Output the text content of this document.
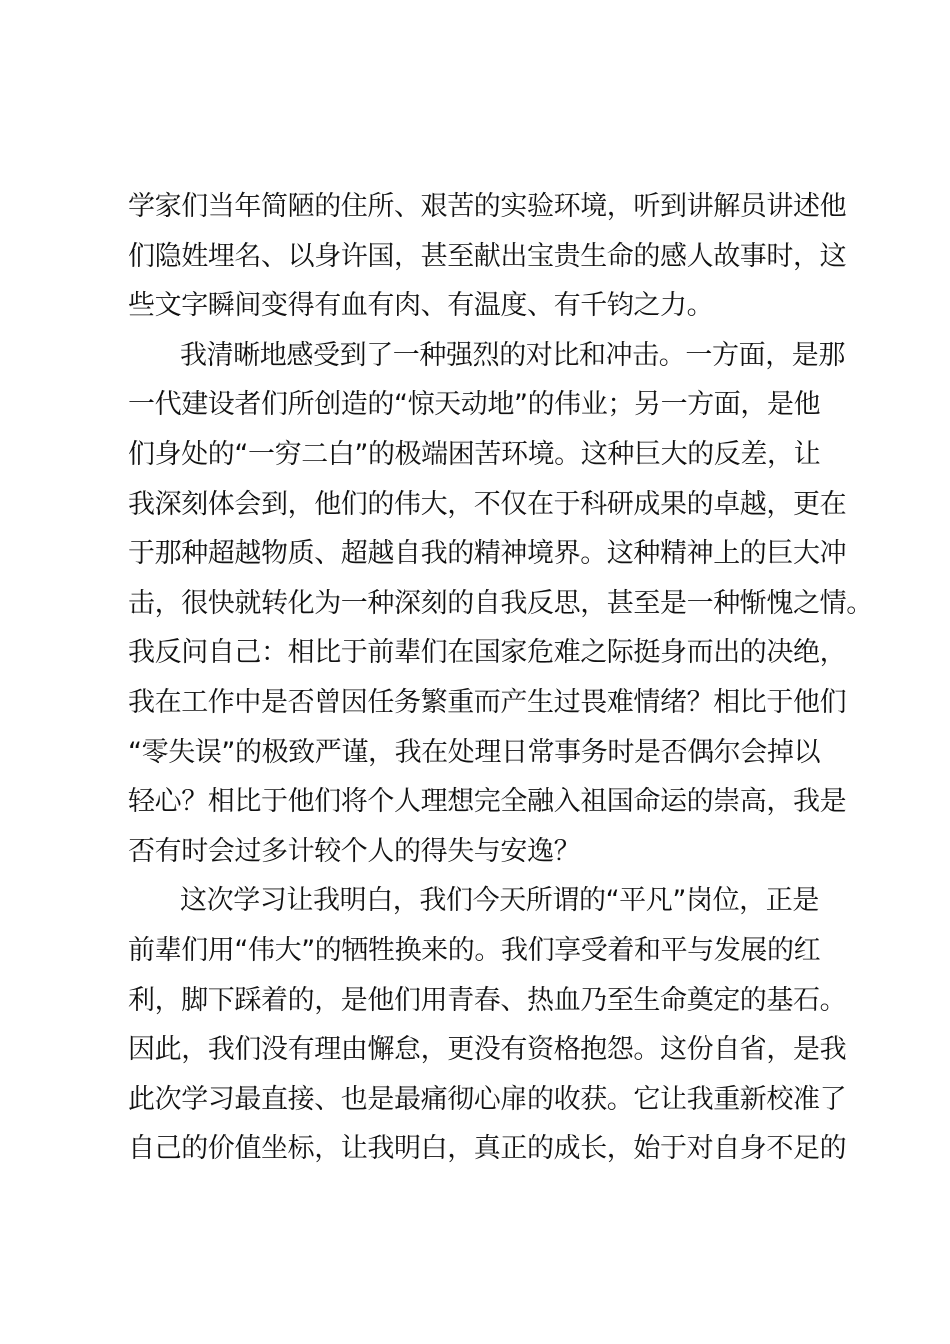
学家们当年简陋的住所、艰苦的实验环境，听到讲解员讲述他
们隐姓埋名、以身许国，甚至献出宝贵生命的感人故事时，这
些文字瞬间变得有血有肉、有温度、有千钧之力。
我清晰地感受到了一种强烈的对比和冲击。一方面，是那
一代建设者们所创造的“惊天动地”的伟业；另一方面，是他
们身处的“一穷二白”的极端困苦环境。这种巨大的反差，让
我深刻体会到，他们的伟大，不仅在于科研成果的卓越，更在
于那种超越物质、超越自我的精神境界。这种精神上的巨大冲
击，很快就转化为一种深刻的自我反思，甚至是一种惭愧之情。
我反问自己：相比于前辈们在国家危难之际挺身而出的决绝，
我在工作中是否曾因任务繁重而产生过畏难情绪？相比于他们
“零失误”的极致严谨，我在处理日常事务时是否偶尔会掉以
轻心？相比于他们将个人理想完全融入祖国命运的崇高，我是
否有时会过多计较个人的得失与安逸？
这次学习让我明白，我们今天所谓的“平凡”岗位，正是
前辈们用“伟大”的牺牲换来的。我们享受着和平与发展的红
利，脚下踩着的，是他们用青春、热血乃至生命奠定的基石。
因此，我们没有理由懈怠，更没有资格抱怨。这份自省，是我
此次学习最直接、也是最痛彻心扉的收获。它让我重新校准了
自己的价值坐标，让我明白，真正的成长，始于对自身不足的
